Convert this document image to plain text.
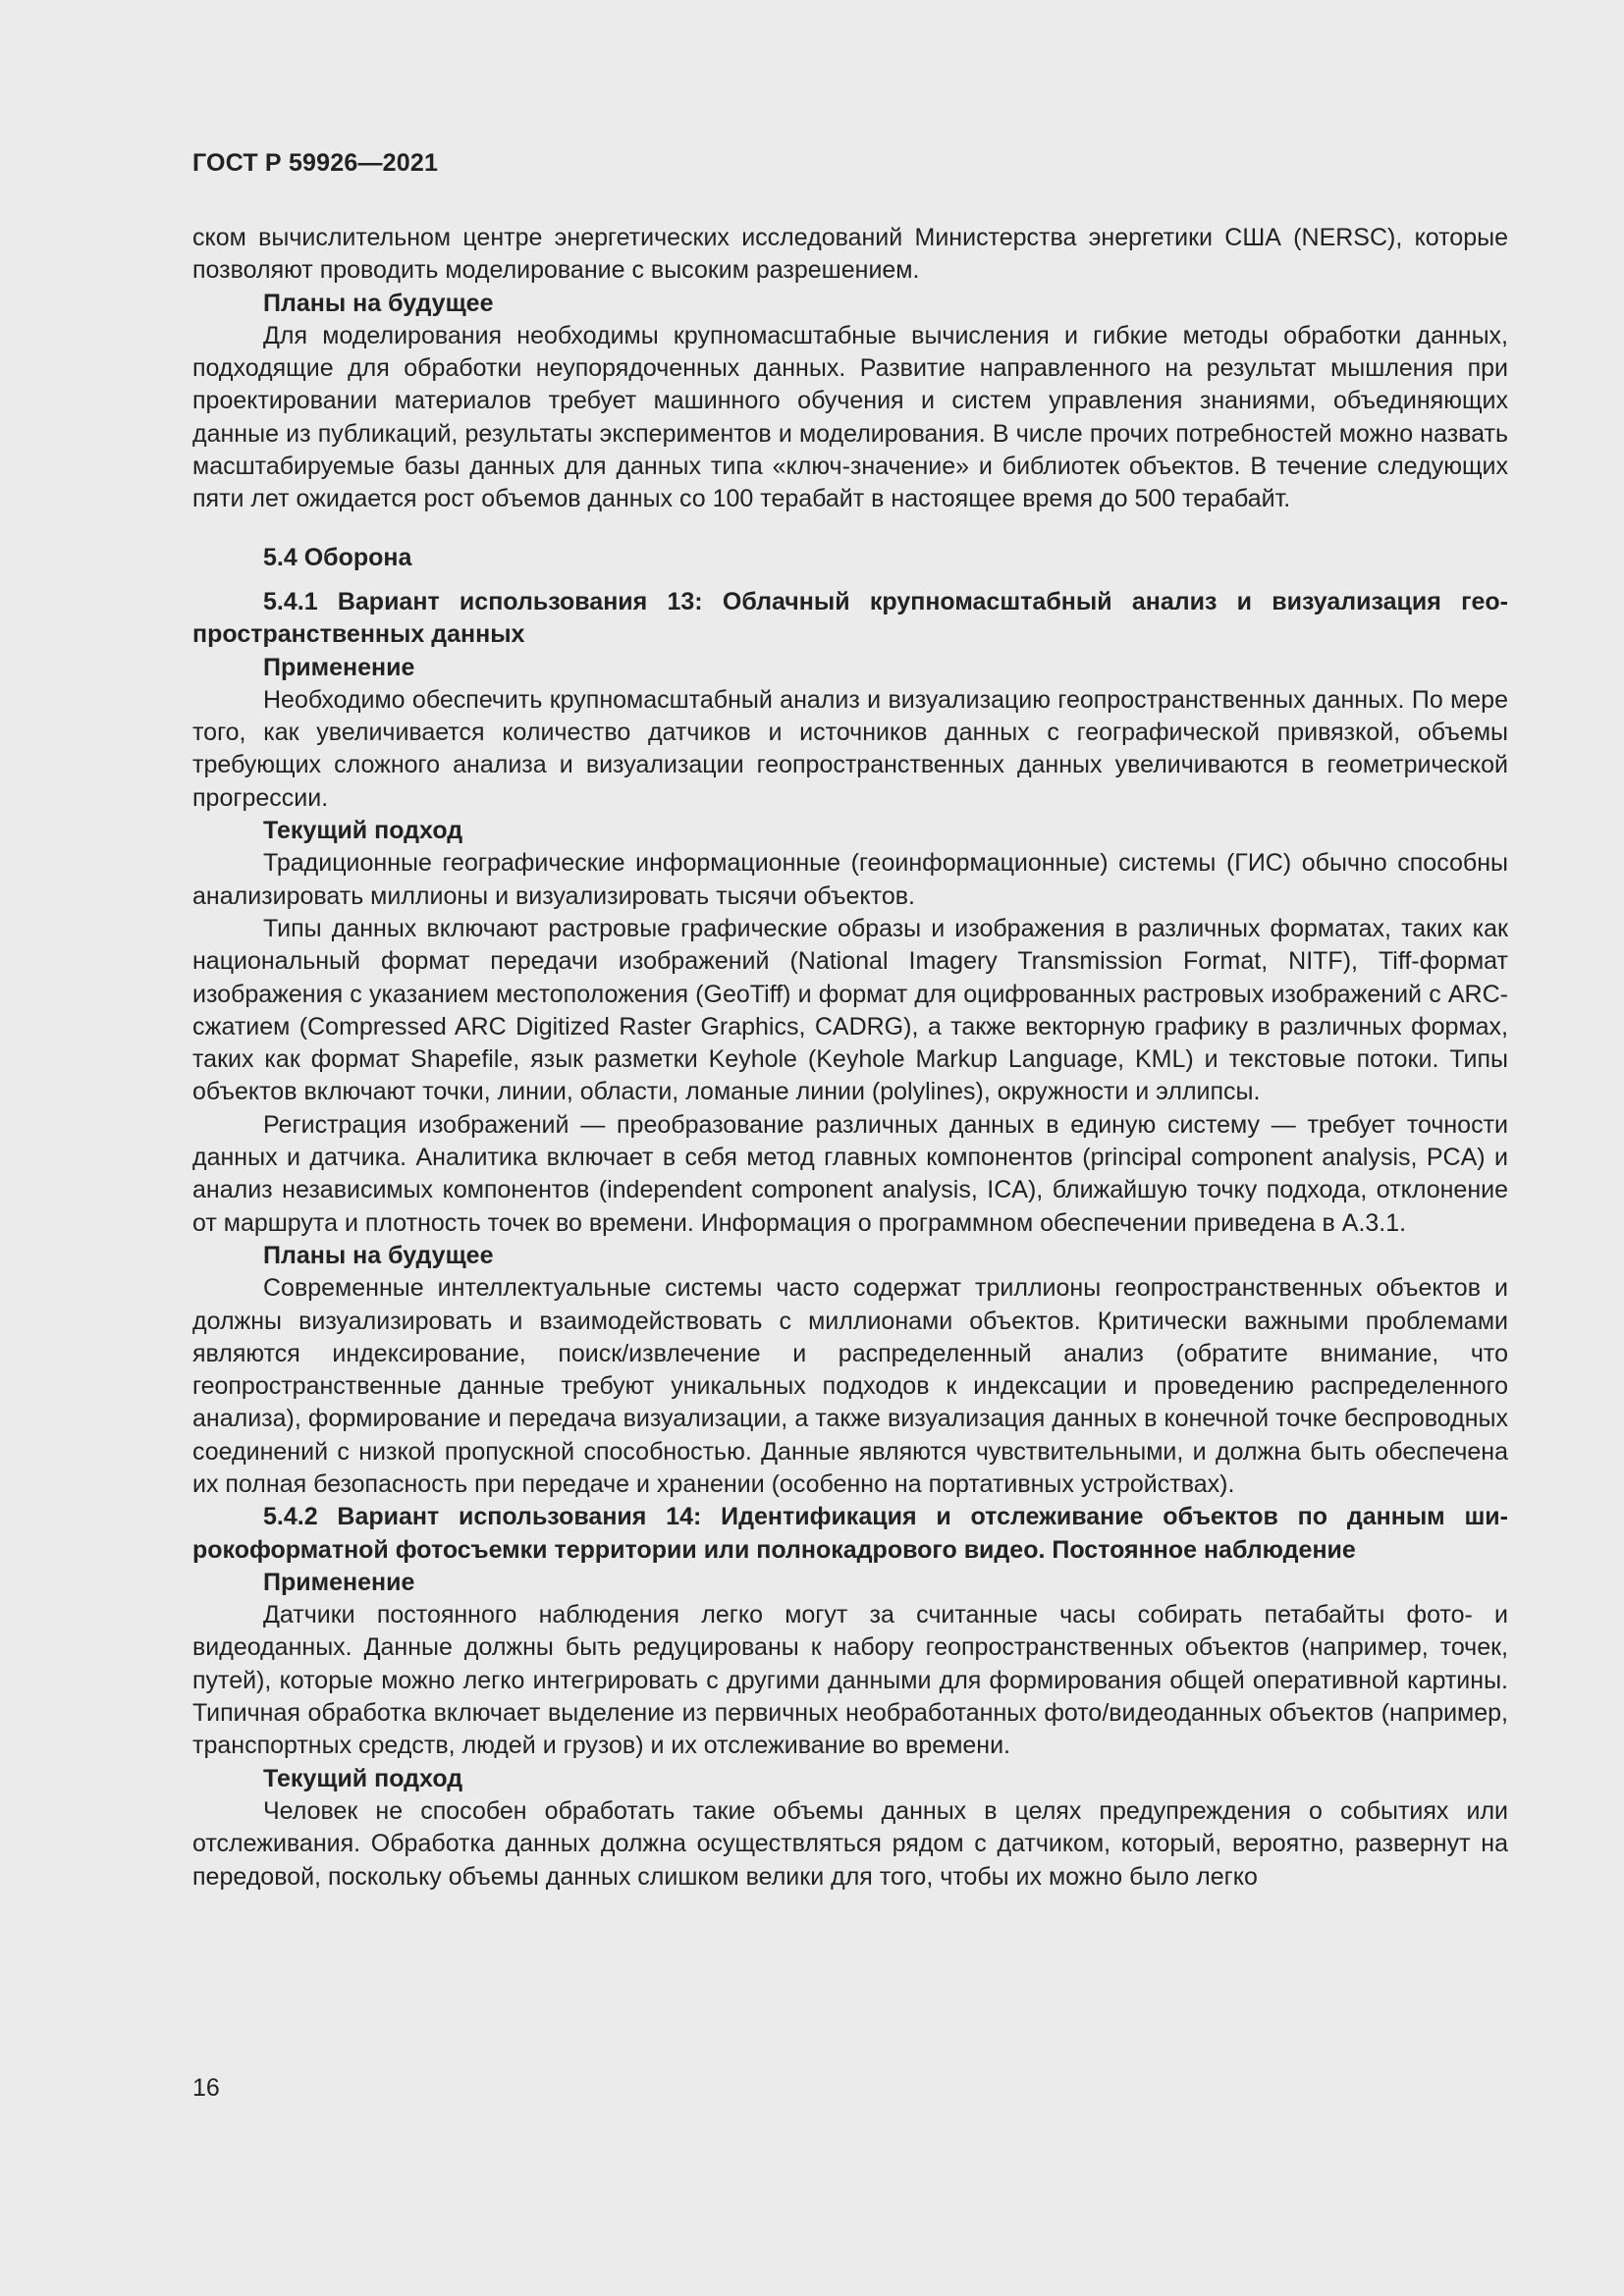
ГОСТ Р 59926—2021

ском вычислительном центре энергетических исследований Министерства энергетики США (NERSC), которые позволяют проводить моделирование с высоким разрешением.

Планы на будущее

Для моделирования необходимы крупномасштабные вычисления и гибкие методы обработки данных, подходящие для обработки неупорядоченных данных. Развитие направленного на результат мышления при проектировании материалов требует машинного обучения и систем управления знаниями, объединяющих данные из публикаций, результаты экспериментов и моделирования. В числе прочих потребностей можно назвать масштабируемые базы данных для данных типа «ключ-значение» и библиотек объектов. В течение следующих пяти лет ожидается рост объемов данных со 100 терабайт в настоящее время до 500 терабайт.

5.4 Оборона
5.4.1 Вариант использования 13: Облачный крупномасштабный анализ и визуализация геопространственных данных
Применение

Необходимо обеспечить крупномасштабный анализ и визуализацию геопространственных данных. По мере того, как увеличивается количество датчиков и источников данных с географической привязкой, объемы требующих сложного анализа и визуализации геопространственных данных увеличиваются в геометрической прогрессии.

Текущий подход

Традиционные географические информационные (геоинформационные) системы (ГИС) обычно способны анализировать миллионы и визуализировать тысячи объектов.

Типы данных включают растровые графические образы и изображения в различных форматах, таких как национальный формат передачи изображений (National Imagery Transmission Format, NITF), Tiff-формат изображения с указанием местоположения (GeoTiff) и формат для оцифрованных растровых изображений с ARC-сжатием (Compressed ARC Digitized Raster Graphics, CADRG), а также векторную графику в различных формах, таких как формат Shapefile, язык разметки Keyhole (Keyhole Markup Language, KML) и текстовые потоки. Типы объектов включают точки, линии, области, ломаные линии (polylines), окружности и эллипсы.

Регистрация изображений — преобразование различных данных в единую систему — требует точности данных и датчика. Аналитика включает в себя метод главных компонентов (principal component analysis, PCA) и анализ независимых компонентов (independent component analysis, ICA), ближайшую точку подхода, отклонение от маршрута и плотность точек во времени. Информация о программном обеспечении приведена в А.3.1.

Планы на будущее

Современные интеллектуальные системы часто содержат триллионы геопространственных объектов и должны визуализировать и взаимодействовать с миллионами объектов. Критически важными проблемами являются индексирование, поиск/извлечение и распределенный анализ (обратите внимание, что геопространственные данные требуют уникальных подходов к индексации и проведению распределенного анализа), формирование и передача визуализации, а также визуализация данных в конечной точке беспроводных соединений с низкой пропускной способностью. Данные являются чувствительными, и должна быть обеспечена их полная безопасность при передаче и хранении (особенно на портативных устройствах).

5.4.2 Вариант использования 14: Идентификация и отслеживание объектов по данным широкоформатной фотосъемки территории или полнокадрового видео. Постоянное наблюдение
Применение

Датчики постоянного наблюдения легко могут за считанные часы собирать петабайты фото- и видеоданных. Данные должны быть редуцированы к набору геопространственных объектов (например, точек, путей), которые можно легко интегрировать с другими данными для формирования общей оперативной картины. Типичная обработка включает выделение из первичных необработанных фото/видеоданных объектов (например, транспортных средств, людей и грузов) и их отслеживание во времени.

Текущий подход

Человек не способен обработать такие объемы данных в целях предупреждения о событиях или отслеживания. Обработка данных должна осуществляться рядом с датчиком, который, вероятно, развернут на передовой, поскольку объемы данных слишком велики для того, чтобы их можно было легко

16
